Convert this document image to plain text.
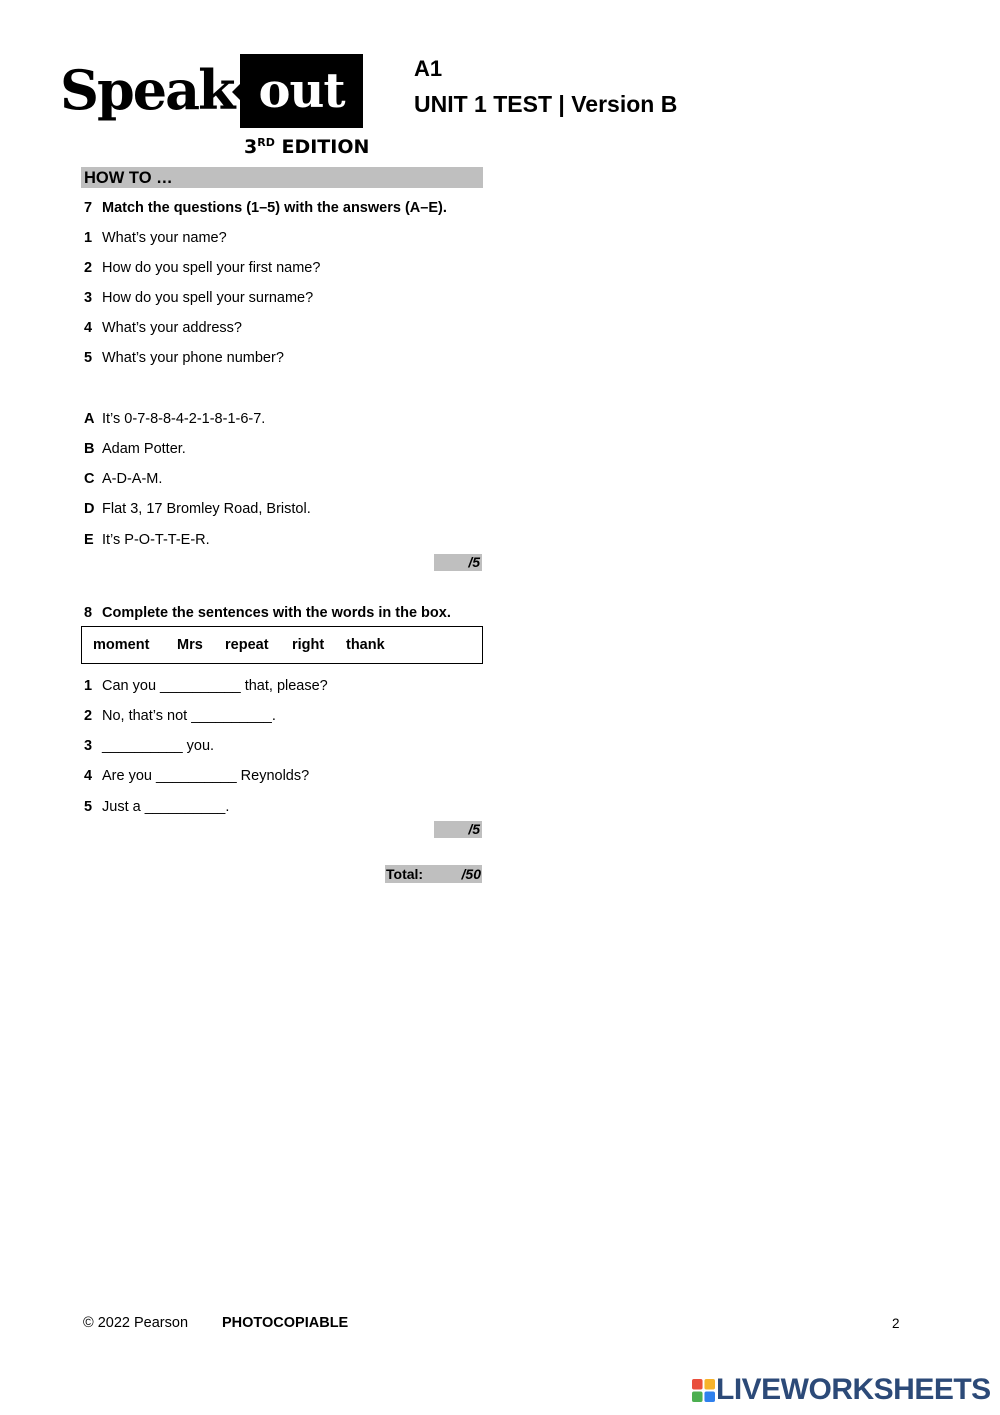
Speak out
3RD EDITION
A1
UNIT 1 TEST | Version B
HOW TO …
7 Match the questions (1–5) with the answers (A–E).
1 What’s your name?
2 How do you spell your first name?
3 How do you spell your surname?
4 What’s your address?
5 What’s your phone number?
A It’s 0-7-8-8-4-2-1-8-1-6-7.
B Adam Potter.
C A-D-A-M.
D Flat 3, 17 Bromley Road, Bristol.
E It’s P-O-T-T-E-R.
/5
8 Complete the sentences with the words in the box.
moment Mrs repeat right thank
1 Can you __________ that, please?
2 No, that’s not __________.
3 __________ you.
4 Are you __________ Reynolds?
5 Just a __________.
/5
Total:	/50
© 2022 Pearson PHOTOCOPIABLE	2
LIVEWORKSHEETS
